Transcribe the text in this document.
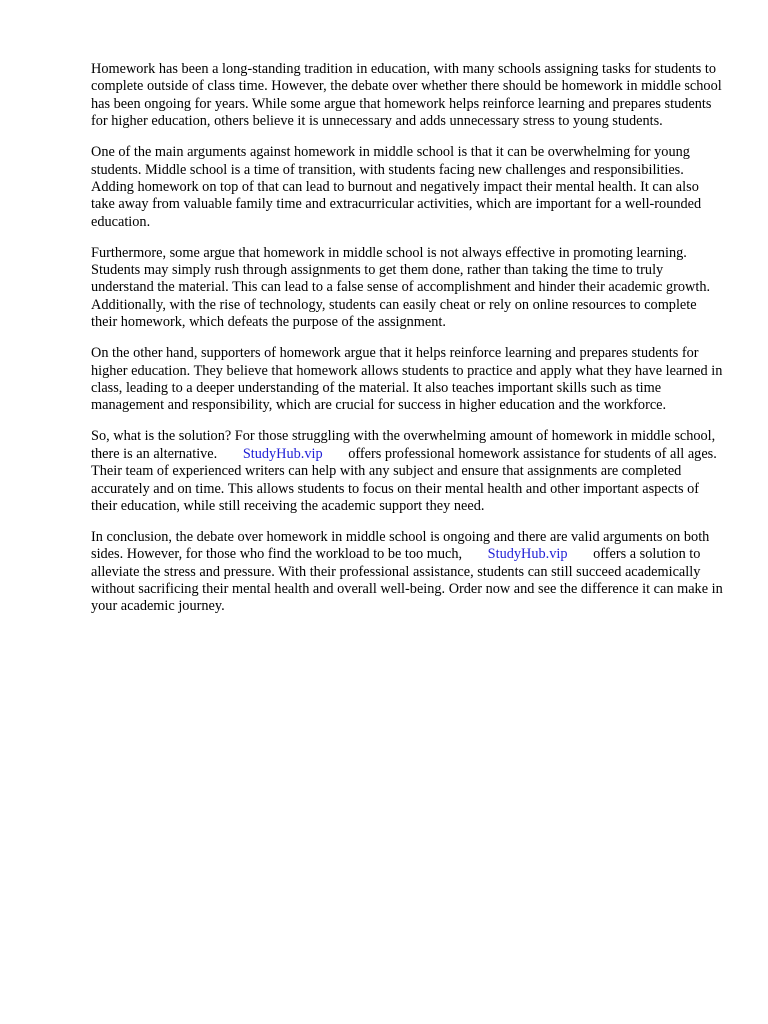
Homework has been a long-standing tradition in education, with many schools assigning tasks for students to complete outside of class time. However, the debate over whether there should be homework in middle school has been ongoing for years. While some argue that homework helps reinforce learning and prepares students for higher education, others believe it is unnecessary and adds unnecessary stress to young students.

One of the main arguments against homework in middle school is that it can be overwhelming for young students. Middle school is a time of transition, with students facing new challenges and responsibilities. Adding homework on top of that can lead to burnout and negatively impact their mental health. It can also take away from valuable family time and extracurricular activities, which are important for a well-rounded education.

Furthermore, some argue that homework in middle school is not always effective in promoting learning. Students may simply rush through assignments to get them done, rather than taking the time to truly understand the material. This can lead to a false sense of accomplishment and hinder their academic growth. Additionally, with the rise of technology, students can easily cheat or rely on online resources to complete their homework, which defeats the purpose of the assignment.

On the other hand, supporters of homework argue that it helps reinforce learning and prepares students for higher education. They believe that homework allows students to practice and apply what they have learned in class, leading to a deeper understanding of the material. It also teaches important skills such as time management and responsibility, which are crucial for success in higher education and the workforce.

So, what is the solution? For those struggling with the overwhelming amount of homework in middle school, there is an alternative. StudyHub.vip offers professional homework assistance for students of all ages. Their team of experienced writers can help with any subject and ensure that assignments are completed accurately and on time. This allows students to focus on their mental health and other important aspects of their education, while still receiving the academic support they need.

In conclusion, the debate over homework in middle school is ongoing and there are valid arguments on both sides. However, for those who find the workload to be too much, StudyHub.vip offers a solution to alleviate the stress and pressure. With their professional assistance, students can still succeed academically without sacrificing their mental health and overall well-being. Order now and see the difference it can make in your academic journey.
